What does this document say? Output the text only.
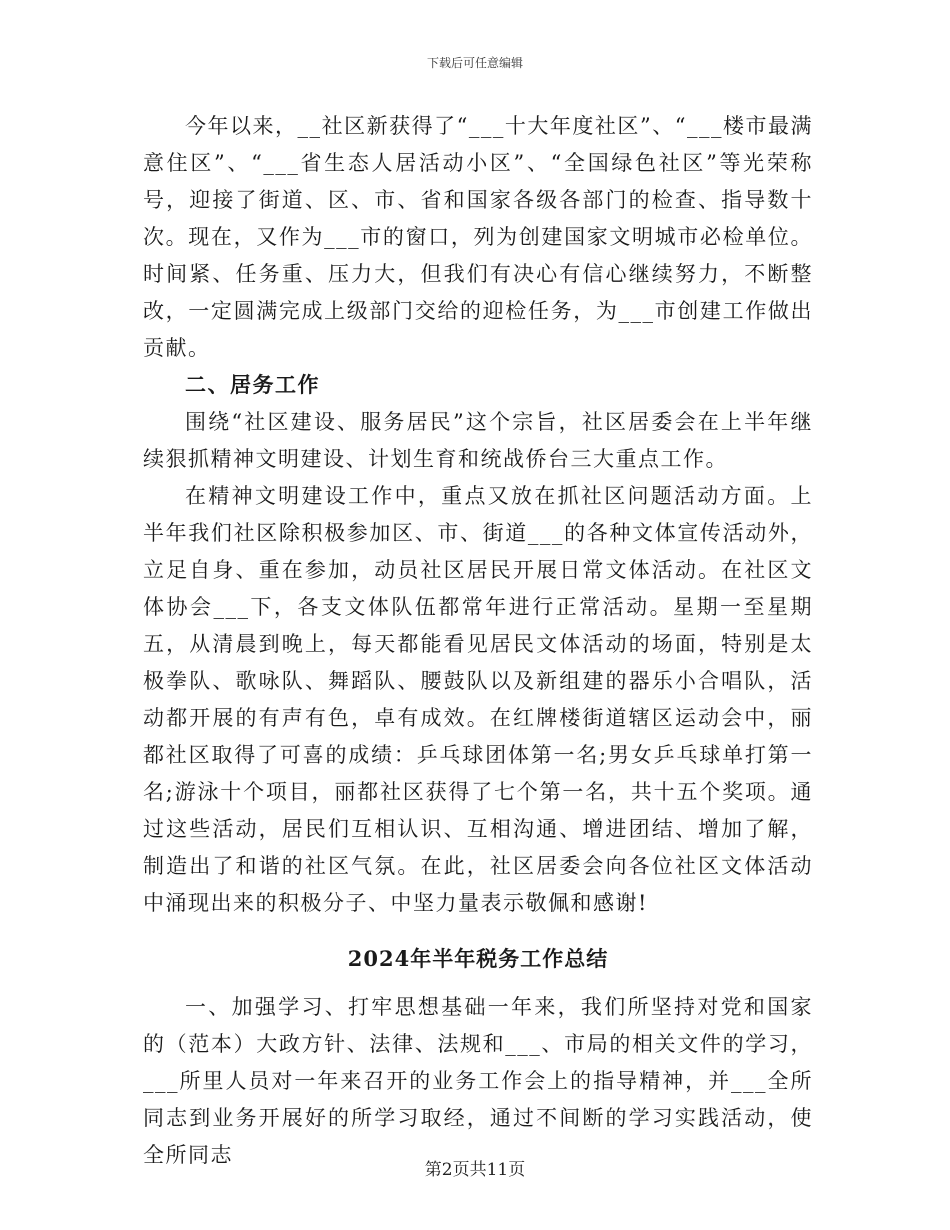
下载后可任意编辑

今年以来，__社区新获得了“___十大年度社区”、“___楼市最满意住区”、“___省生态人居活动小区”、“全国绿色社区”等光荣称号，迎接了街道、区、市、省和国家各级各部门的检查、指导数十次。现在，又作为___市的窗口，列为创建国家文明城市必检单位。时间紧、任务重、压力大，但我们有决心有信心继续努力，不断整改，一定圆满完成上级部门交给的迎检任务，为___市创建工作做出贡献。

二、居务工作

围绕“社区建设、服务居民”这个宗旨，社区居委会在上半年继续狠抓精神文明建设、计划生育和统战侨台三大重点工作。

在精神文明建设工作中，重点又放在抓社区问题活动方面。上半年我们社区除积极参加区、市、街道___的各种文体宣传活动外，立足自身、重在参加，动员社区居民开展日常文体活动。在社区文体协会___下，各支文体队伍都常年进行正常活动。星期一至星期五，从清晨到晚上，每天都能看见居民文体活动的场面，特别是太极拳队、歌咏队、舞蹈队、腰鼓队以及新组建的器乐小合唱队，活动都开展的有声有色，卓有成效。在红牌楼街道辖区运动会中，丽都社区取得了可喜的成绩：乒乓球团体第一名;男女乒乓球单打第一名;游泳十个项目，丽都社区获得了七个第一名，共十五个奖项。通过这些活动，居民们互相认识、互相沟通、增进团结、增加了解，制造出了和谐的社区气氛。在此，社区居委会向各位社区文体活动中涌现出来的积极分子、中坚力量表示敬佩和感谢!

2024年半年税务工作总结

一、加强学习、打牢思想基础一年来，我们所坚持对党和国家的（范本）大政方针、法律、法规和___、市局的相关文件的学习，___所里人员对一年来召开的业务工作会上的指导精神，并___全所同志到业务开展好的所学习取经，通过不间断的学习实践活动，使全所同志

第2页共11页
